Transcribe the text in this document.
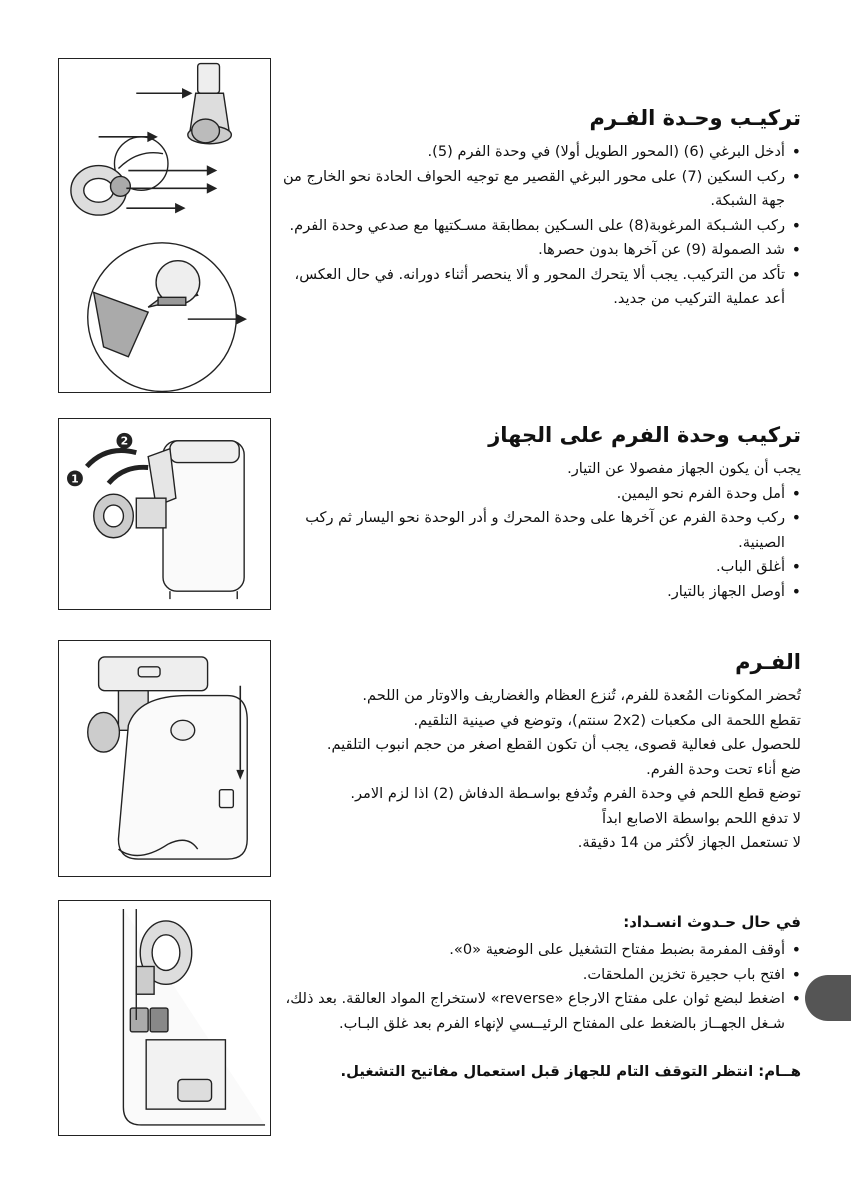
1
2
تركيـب وحـدة الفـرم
• أدخل البرغي (6) (المحور الطويل أولا) في وحدة الفرم (5).
• ركب السكين (7) على محور البرغي القصير مع توجيه الحواف الحادة نحو الخارج من جهة الشبكة.
• ركب الشـبكة المرغوبة(8) على السـكين بمطابقة مسـكتيها مع صدعي وحدة الفرم.
• شد الصمولة (9) عن آخرها بدون حصرها.
• تأكد من التركيب. يجب ألا يتحرك المحور و ألا ينحصر أثناء دورانه. في حال العكس، أعد عملية التركيب من جديد.
تركيب وحدة الفرم على الجهاز

يجب أن يكون الجهاز مفصولا عن التيار.

• أمل وحدة الفرم نحو اليمين.
• ركب وحدة الفرم عن آخرها على وحدة المحرك و أدر الوحدة نحو اليسار ثم ركب الصينية.
• أغلق الباب.
• أوصل الجهاز بالتيار.
الفـرم

تُحضر المكونات المُعدة للفرم، تُنزع العظام والغضاريف والاوتار من اللحم.

تقطع اللحمة الى مكعبات (2x2 سنتم)، وتوضع في صينية التلقيم.

للحصول على فعالية قصوى، يجب أن تكون القطع اصغر من حجم انبوب التلقيم.

ضع أناء تحت وحدة الفرم.

توضع قطع اللحم في وحدة الفرم وتُدفع بواسـطة الدفاش (2) اذا لزم الامر.

لا تدفع اللحم بواسطة الاصابع ابداً

لا تستعمل الجهاز لأكثر من 14 دقيقة.

في حال حـدوث انسـداد:
• أوقف المفرمة بضبط مفتاح التشغيل على الوضعية «0».
• افتح باب حجيرة تخزين الملحقات.
• اضغط لبضع ثوان على مفتاح الارجاع «reverse» لاستخراج المواد العالقة. بعد ذلك، شـغل الجهــاز بالضغط على المفتاح الرئيــسي لإنهاء الفرم بعد غلق البـاب.
هــام: انتظر التوقف التام للجهاز قبل استعمال مفاتيح التشغيل.
